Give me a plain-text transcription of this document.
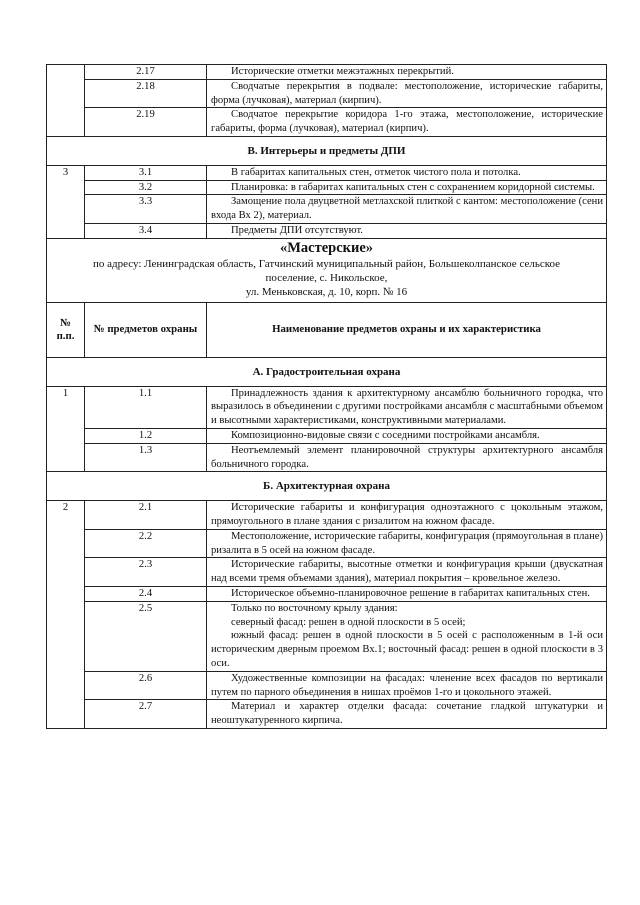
	2.17	Исторические отметки межэтажных перекрытий.
	2.18	Сводчатые перекрытия в подвале: местоположение, исторические габариты, форма (лучковая), материал (кирпич).
	2.19	Сводчатое перекрытие коридора 1-го этажа, местоположение, исторические габариты, форма (лучковая), материал (кирпич).
В. Интерьеры и предметы ДПИ		
3	3.1	В габаритах капитальных стен, отметок чистого пола и потолка.
	3.2	Планировка: в габаритах капитальных стен с сохранением коридорной системы.
	3.3	Замощение пола двуцветной метлахской плиткой с кантом: местоположение (сени входа Вх 2), материал.
	3.4	Предметы ДПИ отсутствуют.

«Мастерские»
по адресу: Ленинградская область, Гатчинский муниципальный район, Большеколпанское сельское
поселение, с. Никольское,
ул. Меньковская, д. 10, корп. № 16		

№ п.п.	№ предметов охраны	Наименование предметов охраны и их характеристика
А. Градостроительная охрана		
1	1.1	Принадлежность здания к архитектурному ансамблю больничного городка, что выразилось в объединении с другими постройками ансамбля с масштабными объемом и высотными характеристиками, конструктивными материалами.
	1.2	Композиционно-видовые связи с соседними постройками ансамбля.
	1.3	Неотъемлемый элемент планировочной структуры архитектурного ансамбля больничного городка.
Б. Архитектурная охрана		
2	2.1	Исторические габариты и конфигурация одноэтажного с цокольным этажом, прямоугольного в плане здания с ризалитом на южном фасаде.
	2.2	Местоположение, исторические габариты, конфигурация (прямоугольная в плане) ризалита в 5 осей на южном фасаде.
	2.3	Исторические габариты, высотные отметки и конфигурация крыши (двускатная над всеми тремя объемами здания), материал покрытия – кровельное железо.
	2.4	Историческое объемно-планировочное решение в габаритах капитальных стен.
	2.5	Только по восточному крылу здания:
северный фасад: решен в одной плоскости в 5 осей;
южный фасад: решен в одной плоскости в 5 осей с расположенным в 1-й оси историческим дверным проемом Вх.1; восточный фасад: решен в одной плоскости в 3 оси.

	2.6	Художественные композиции на фасадах: членение всех фасадов по вертикали путем по парного объединения в нишах проёмов 1-го и цокольного этажей.
	2.7	Материал и характер отделки фасада: сочетание гладкой штукатурки и неоштукатуренного кирпича.
